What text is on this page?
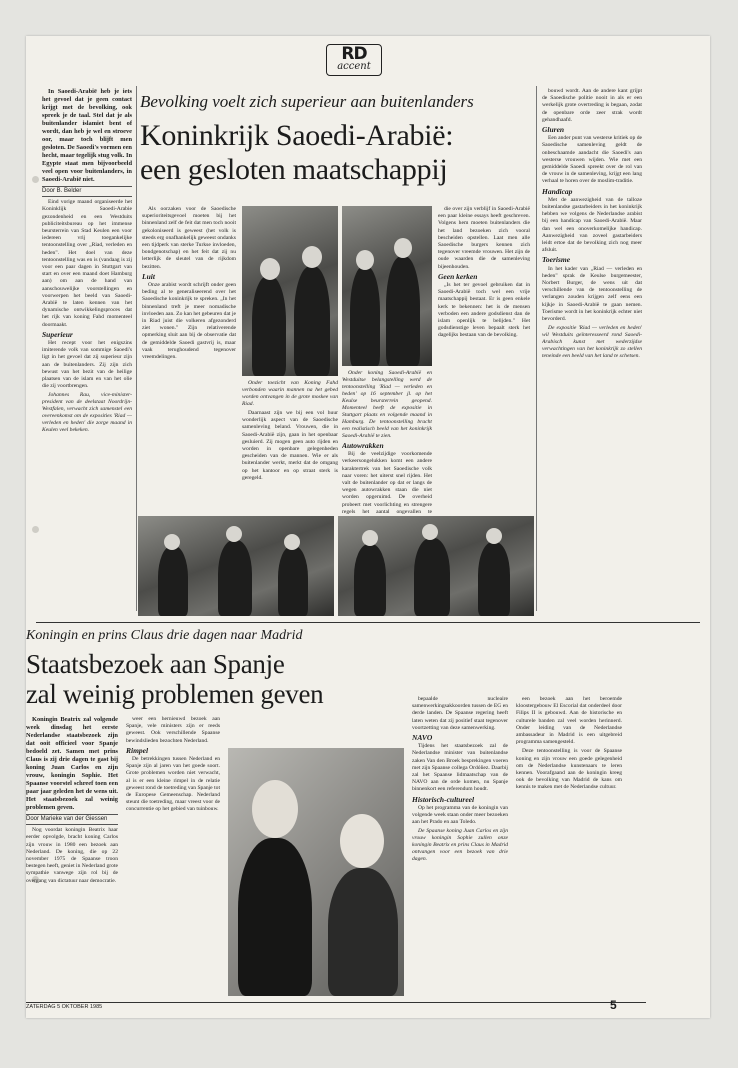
RD
accent
Bevolking voelt zich superieur aan buitenlanders
Koninkrijk Saoedi-Arabië:
een gesloten maatschappij

In Saoedi-Arabië heb je iets het gevoel dat je geen contact krijgt met de bevolking, ook spreek je de taal. Stel dat je als buitenlander islamiet bent of wordt, dan heb je wel en stroeve oor, maar toch blijft men gesloten. De Saoedi's vormen een hecht, maar tegelijk stug volk. In Egypte staat men bijvoorbeeld veel open voor buitenlanders, in Saoedi-Arabië niet.

Door B. Belder

Eind vorige maand organiseerde het Koninklijk Saoedi-Arabie gezondenheid en een Westduits publiciteitsbureau op het immense beursterrein van Stad Keulen een voor iedereen vrij toegankelijke tentoonstelling over „Riad, verleden en heden". Het doel van deze tentoonstelling was en is (vandaag is zij voor een paar dagen in Stuttgart van start en over een maand doet Hamburg aan) om aan de hand van aanschouwelijke voorstellingen en voorwerpen het beeld van Saoedi-Arabië te laten kennen van het dynamische ontwikkelingsproces dat het rijk van koning Fahd momenteel doormaakt.

Superieur

Het recept voor het enigszins imiterende volk van sommige Saoedi's ligt in het gevoel dat zij superieur zijn aan de buitenlanders. Zij zijn zich bewust van het bezit van de heilige plaatsen van de islam en van het olie die zij voortbrengen.

Johannes Rau, vice-minister-president van de deelstaat Noordrijn-Westfalen, verwacht zich samenstel een overeenkomst om de exposities 'Riad — verleden en heden' die zorge maand in Keulen veel bekeken.

Als oorzaken voor de Saoedische superioriteitsgevoel moeten bij het binnenland zelf de feit dat men toch nooit gekoloniseerd is geweest (het volk is steeds erg onafhankelijk geweest ondanks een tijdperk van sterke Turkse invloeden, bondgenotschap) en het feit dat zij nu letterlijk de sleutel van de rijkdom bezitten.

Luit

Onze arabist wordt schrijft onder geen beding al te generaliseerend over het Saoedische koninkrijk te spreken. „In het binnenland treft je meer nomadische invloeden aan. Zo kan het gebeuren dat je in Riad juist die volkeren afgezonderd ziet wonen." Zijn relativerende opmerking sluit aan bij de observatie dat de gemiddelde Saoedi gastvrij is, maar vaak terughoudend tegenover vreemdelingen.

Onder toezicht van Koning Fahd verbonden waarin mannen na het gebed worden ontvangen in de grote moskee van Riad.

Daarnaast zijn we bij een vol huur wonderlijk aspect van de Saoedische samenleving beland. Vrouwen, die in Saoedi-Arabië zijn, gaan in het openbaar gesluierd. Zij mogen geen auto rijden en worden in openbare gelegenheden gescheiden van de mannen. Wie er als buitenlander werkt, merkt dat de omgang op het kantoor en op straat sterk is geregeld.

Onder koning Saoedi-Arabië en Westduitse belangstelling werd de tentoonstelling 'Riad — verleden en heden' op 16 september jl. op het Keulse beursterrein geopend. Momenteel heeft de expositie in Stuttgart plaats en volgende maand in Hamburg. De tentoonstelling bracht een realistisch beeld van het koninkrijk Saoedi-Arabië te zien.

Autowrakken

Bij de veelzijdige voorkomende verkeersongelukken komt een andere karaktertrek van het Saoedische volk naar voren: het uiterst snel rijden. Het valt de buitenlander op dat er langs de wegen autowrakken staan die niet worden opgeruimd. De overheid probeert met voorlichting en strengere regels het aantal ongevallen te

die over zijn verblijf in Saoedi-Arabië een paar kleine essays heeft geschreven. Volgens hem moeten buitenlanders die het land bezoeken zich vooral bescheiden opstellen. Laat men alle Saoedische burgers kennen zich tegenover vreemde vrouwen. Het zijn de oude waarden die de samenleving bijeenhouden.

Geen kerken

„Is het ter gevoel gebruiken dat in Saoedi-Arabië toch wel een vrije maatschappij bestaat. Er is geen enkele kerk te bekennen: het is de mensen verboden een andere godsdienst dan de islam openlijk te belijden." Het godsdienstige leven bepaalt sterk het dagelijks bestaan van de bevolking.

bouwd wordt. Aan de andere kant grijpt de Saoedische politie nooit in als er een werkelijk grote overtreding is begaan, zodat de openbare orde zeer strak wordt gehandhaafd.

Gluren

Een ander punt van westerse kritiek op de Saoedische samenleving geldt de onbeschaamde aandacht die Saoedi's aan westerse vrouwen wijden. Wie met een gemiddelde Saoedi spreekt over de rol van de vrouw in de samenleving, krijgt een lang verhaal te horen over de moslim-traditie.

Handicap

Met de aanwezigheid van de talloze buitenlandse gastarbeiders in het koninkrijk hebben we volgens de Nederlandse arabist bij een handicap van Saoedi-Arabië. Maar dan wel een onoverkomelijke handicap. Aanwezigheid van zoveel gastarbeiders leidt ertoe dat de bevolking zich nog meer afsluit.

Toerisme

In het kader van „Riad — verleden en heden" sprak de Keulse burgemeester, Norbert Burger, de wens uit dat verschillende van de tentoonstelling de verlangen zouden krijgen zelf eens een kijkje in Saoedi-Arabië te gaan nemen. Toerisme wordt in het koninkrijk echter niet bevorderd.

De expositie 'Riad — verleden en heden' wil Westduits geïnteresseerd rond Saoedi-Arabisch kunst met wederzijdse verwachtingen van het koninkrijk zo stellen teneinde een beeld van het land te schetsen.

Koningin en prins Claus drie dagen naar Madrid
Staatsbezoek aan Spanje
zal weinig problemen geven

Koningin Beatrix zal volgende week dinsdag het eerste Nederlandse staatsbezoek zijn dat ooit officieel voor Spanje bedoeld zet. Samen met prins Claus is zij drie dagen te gast bij koning Juan Carlos en zijn vrouw, koningin Sophie. Het Spaanse voorstel schreef toen een paar jaar geleden het de wens uit. Het staatsbezoek zal weinig problemen geven.

Door Marieke van der Giessen

Nog voordat koningin Beatrix haar eerder opvolgde, bracht koning Carlos zijn vrouw in 1980 een bezoek aan Nederland. De koning, die op 22 november 1975 de Spaanse troon bestegen heeft, geniet in Nederland grote sympathie vanwege zijn rol bij de overgang van dictatuur naar democratie.

weer een hernieuwd bezoek aan Spanje, vele ministers zijn er reeds geweest. Ook verschillende Spaanse bewindslieden bezochten Nederland.

Rimpel

De betrekkingen tussen Nederland en Spanje zijn al jaren van het goede soort. Grote problemen worden niet verwacht, al is er een kleine rimpel in de relatie geweest rond de toetreding van Spanje tot de Europese Gemeenschap. Nederland steunt die toetreding, maar vreest voor de concurrentie op het gebied van tuinbouw.

bepaalde nucleaire samenwerkingsakkoorden tussen de EG en derde landen. De Spaanse regering heeft laten weten dat zij positief staat tegenover voortzetting van deze samenwerking.

NAVO

Tijdens het staatsbezoek zal de Nederlandse minister van buitenlandse zaken Van den Broek besprekingen voeren met zijn Spaanse collega Ordóñez. Daarbij zal het Spaanse lidmaatschap van de NAVO aan de orde komen, nu Spanje binnenkort een referendum houdt.

Historisch-cultureel

Op het programma van de koningin van volgende week staan onder meer bezoeken aan het Prado en aan Toledo.

De Spaanse koning Juan Carlos en zijn vrouw koningin Sophie zullen onze koningin Beatrix en prins Claus in Madrid ontvangen voor een bezoek van drie dagen.

een bezoek aan het beroemde kloostergebouw El Escorial dat onderdeel door Filips II is gebouwd. Aan de historische en culturele banden zal veel worden herinnerd. Onder leiding van de Nederlandse ambassadeur in Madrid is een uitgebreid programma samengesteld.

Deze tentoonstelling is voor de Spaanse koning en zijn vrouw een goede gelegenheid om de Nederlandse kunstenaars te leren kennen. Voorafgaand aan de koningin kreeg ook de bevolking van Madrid de kans om kennis te maken met de Nederlandse cultuur.

ZATERDAG 5 OKTOBER 1985	5
